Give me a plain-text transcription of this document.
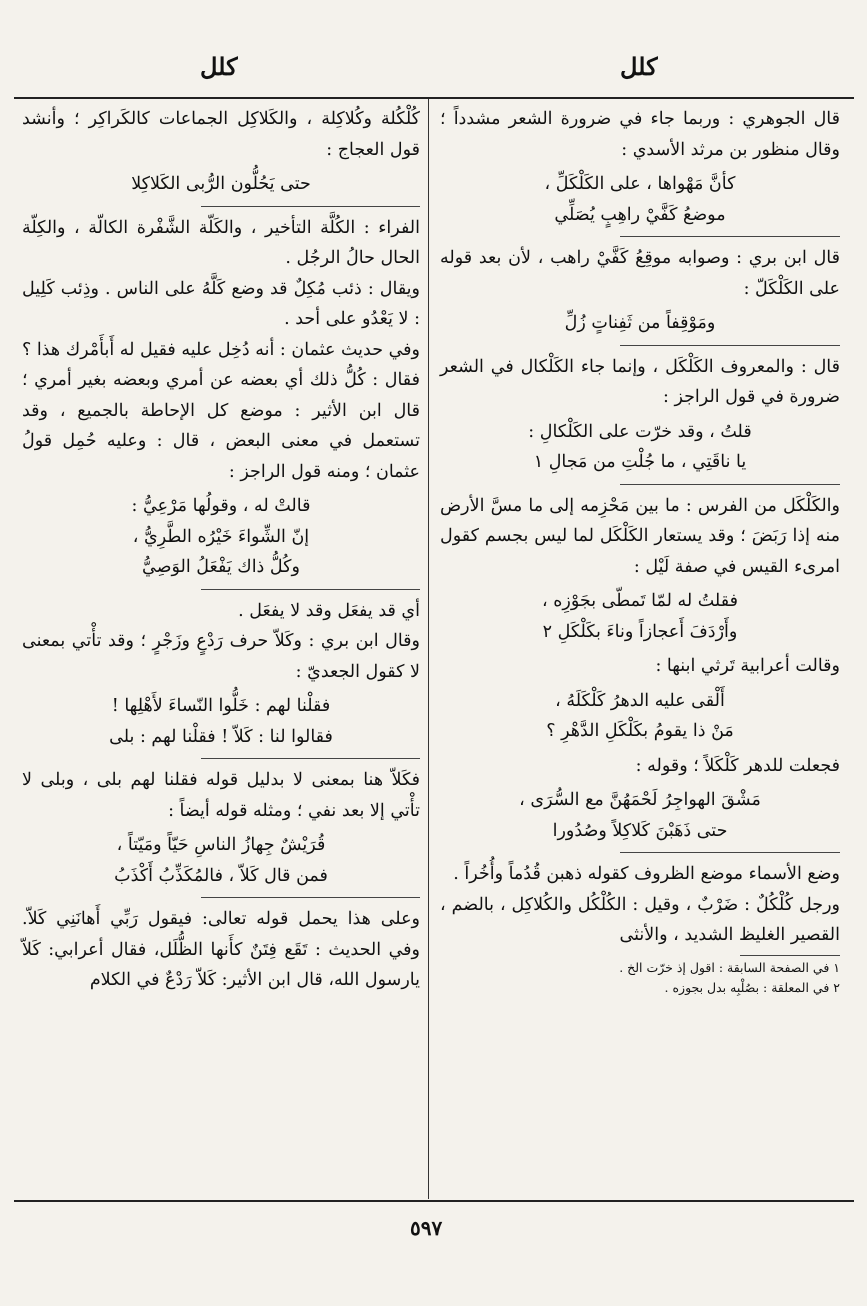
كلل
كلل

قال الجوهري : وربما جاء في ضرورة الشعر مشدداً ؛ وقال منظور بن مرثد الأسدي :

كأنَّ مَهْواها ، على الكَلْكَلِّ ،
موضعُ كَفَّيْ راهِبٍ يُصَلِّي

قال ابن بري : وصوابه موقِعُ كَفَّيْ راهب ، لأن بعد قوله على الكَلْكَلّ :

ومَوْقِفاً من ثَفِناتٍ زُلِّ

قال : والمعروف الكَلْكَل ، وإنما جاء الكَلْكال في الشعر ضرورة في قول الراجز :

قلتُ ، وقد خرّت على الكَلْكالِ :
يا ناقَتِي ، ما جُلْتِ من مَجالِ ١

والكَلْكَل من الفرس : ما بين مَحْزِمه إلى ما مسَّ الأرض منه إذا رَبَضَ ؛ وقد يستعار الكَلْكَل لما ليس بجسم كقول امرىء القيس في صفة لَيْل :

فقلتُ له لمّا تَمطّى بجَوْزِه ،
وأَرْدَفَ أَعجازاً وناءَ بكَلْكَلِ ٢

وقالت أعرابية تَرثي ابنها :

أَلْقى عليه الدهرُ كَلْكَلَهُ ،
مَنْ ذا يقومُ بكَلْكَلِ الدَّهْرِ ؟

فجعلت للدهر كَلْكَلاً ؛ وقوله :

مَشْقَ الهواجِرُ لَحْمَهُنَّ مع السُّرَى ،
حتى ذَهَبْنَ كَلاكِلاً وصُدُورا

وضع الأسماء موضع الظروف كقوله ذهبن قُدُماً وأُخُراً .

ورجل كُلْكُلٌ : ضَرْبٌ ، وقيل : الكُلْكُل والكُلاكِل ، بالضم ، القصير الغليظ الشديد ، والأنثى

١ في الصفحة السابقة : اقول إذ خرّت الخ .

٢ في المعلقة : بصُلْبِه بدل بجوزه .

كُلْكُلة وكُلاكِلة ، والكَلاكِل الجماعات كالكَراكِر ؛ وأنشد قول العجاج :

حتى يَحُلُّون الرُّبى الكَلاكِلا

الفراء : الكُلَّة التأخير ، والكَلّة الشَّفْرة الكالّة ، والكِلّة الحال حالُ الرجُل .

ويقال : ذئب مُكِلٌ قد وضع كَلَّهُ على الناس . وذِئب كَلِيل : لا يَعْدُو على أحد .

وفي حديث عثمان : أنه دُخِل عليه فقيل له أَبأَمْرك هذا ؟ فقال : كُلُّ ذلك أي بعضه عن أمري وبعضه بغير أمري ؛ قال ابن الأثير : موضع كل الإحاطة بالجميع ، وقد تستعمل في معنى البعض ، قال : وعليه حُمِل قولُ عثمان ؛ ومنه قول الراجز :

قالتْ له ، وقولُها مَرْعِيُّ :
إنّ الشِّواءَ خَيْرُه الطَّرِيُّ ،
وكُلُّ ذاك يَفْعَلُ الوَصِيُّ

أي قد يفعَل وقد لا يفعَل .

وقال ابن بري : وكَلاّ حرف رَدْعٍ وزَجْرٍ ؛ وقد تأْتي بمعنى لا كقول الجعديّ :

فقلْنا لهم : خَلُّوا النّساءَ لأَهْلِها !
فقالوا لنا : كَلاّ ! فقلْنا لهم : بلى

فكَلاّ هنا بمعنى لا بدليل قوله فقلنا لهم بلى ، وبلى لا تأْتي إلا بعد نفي ؛ ومثله قوله أيضاً :

قُرَيْشٌ جِهازُ الناسِ حَيّاً ومَيّتاً ،
فمن قال كَلاّ ، فالمُكَذِّبُ أَكْذَبُ

وعلى هذا يحمل قوله تعالى: فيقول رَبِّي أَهانَنِي كَلاّ. وفي الحديث : تَقَع فِتَنٌ كأَنها الظُّلَل، فقال أعرابي: كَلاّ يارسول الله، قال ابن الأثير: كَلاّ رَدْعٌ في الكلام

٥٩٧
